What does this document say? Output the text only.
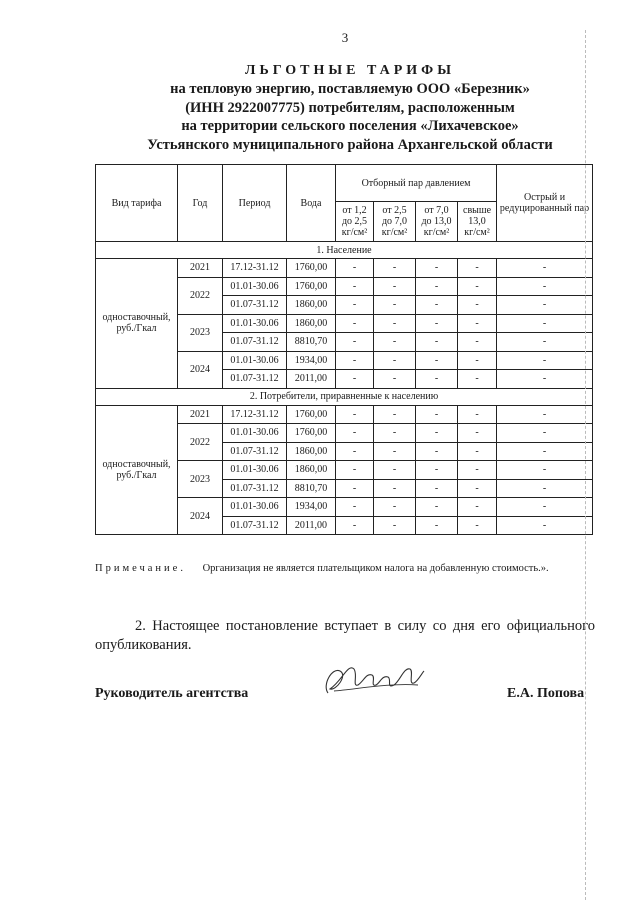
3
ЛЬГОТНЫЕ ТАРИФЫ
на тепловую энергию, поставляемую ООО «Березник»
(ИНН 2922007775) потребителям, расположенным
на территории сельского поселения «Лихачевское»
Устьянского муниципального района Архангельской области
Вид тарифа	Год	Период	Вода	Отборный пар давлением				Острый и редуцированный пар
				от 1,2
до 2,5
кг/см²	от 2,5
до 7,0
кг/см²	от 7,0
до 13,0
кг/см²	свыше
13,0
кг/см²	
1. Население								
одноставочный, руб./Гкал	2021	17.12-31.12	1760,00	-	-	-	-	-
	2022	01.01-30.06	1760,00	-	-	-	-	-
		01.07-31.12	1860,00	-	-	-	-	-
	2023	01.01-30.06	1860,00	-	-	-	-	-
		01.07-31.12	8810,70	-	-	-	-	-
	2024	01.01-30.06	1934,00	-	-	-	-	-
		01.07-31.12	2011,00	-	-	-	-	-
2. Потребители, приравненные к населению								
одноставочный, руб./Гкал	2021	17.12-31.12	1760,00	-	-	-	-	-
	2022	01.01-30.06	1760,00	-	-	-	-	-
		01.07-31.12	1860,00	-	-	-	-	-
	2023	01.01-30.06	1860,00	-	-	-	-	-
		01.07-31.12	8810,70	-	-	-	-	-
	2024	01.01-30.06	1934,00	-	-	-	-	-
		01.07-31.12	2011,00	-	-	-	-	-
Примечание. Организация не является плательщиком налога на добавленную стоимость.».
2. Настоящее постановление вступает в силу со дня его официального опубликования.
Руководитель агентства	Е.А. Попова
